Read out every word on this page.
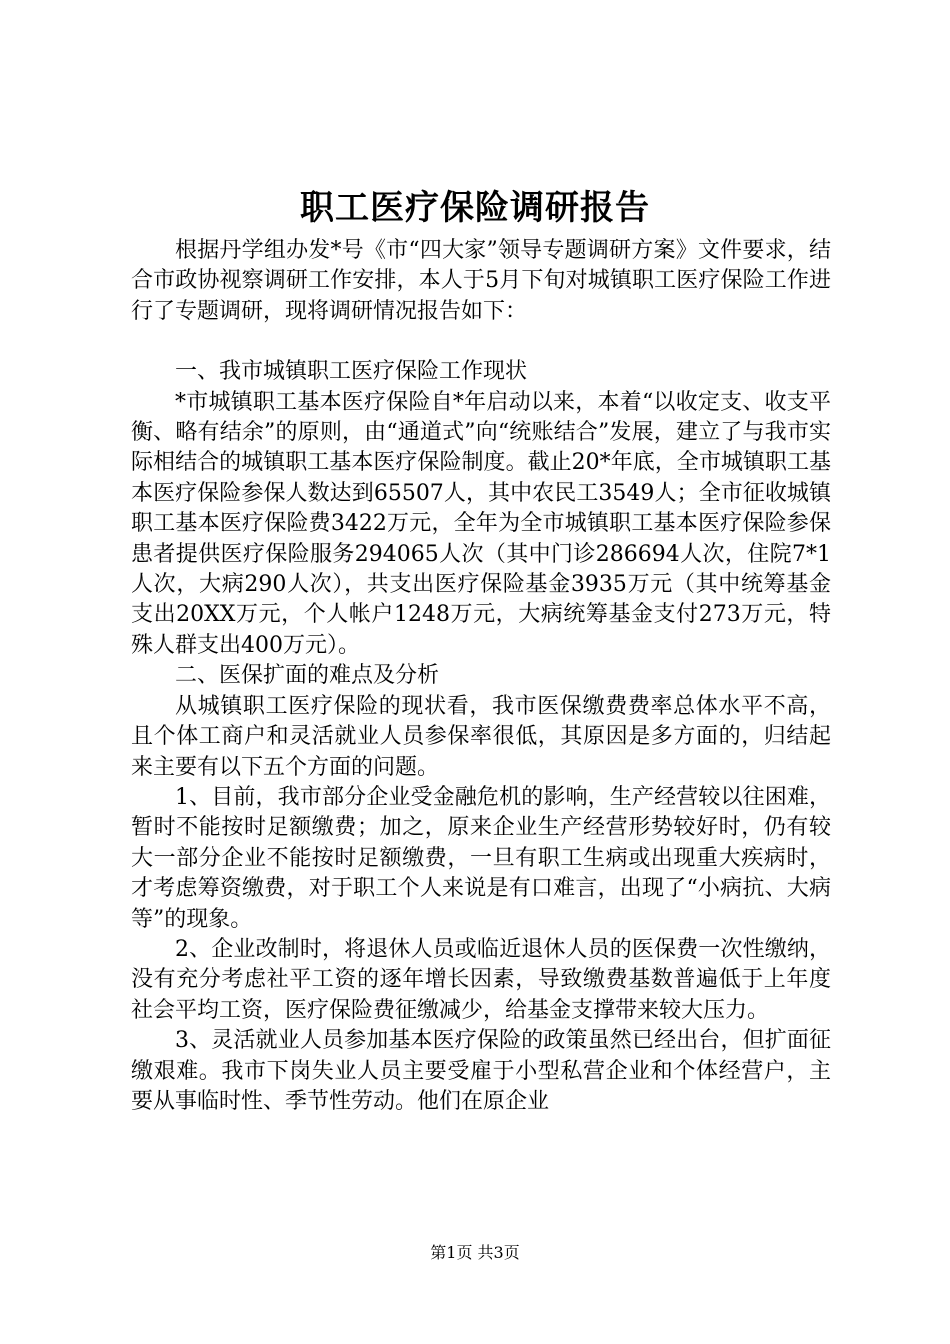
职工医疗保险调研报告

根据丹学组办发*号《市“四大家”领导专题调研方案》文件要求，结合市政协视察调研工作安排，本人于5月下旬对城镇职工医疗保险工作进行了专题调研，现将调研情况报告如下：

一、我市城镇职工医疗保险工作现状

*市城镇职工基本医疗保险自*年启动以来，本着“以收定支、收支平衡、略有结余”的原则，由“通道式”向“统账结合”发展，建立了与我市实际相结合的城镇职工基本医疗保险制度。截止20*年底，全市城镇职工基本医疗保险参保人数达到65507人，其中农民工3549人；全市征收城镇职工基本医疗保险费3422万元，全年为全市城镇职工基本医疗保险参保患者提供医疗保险服务294065人次（其中门诊286694人次，住院7*1人次，大病290人次），共支出医疗保险基金3935万元（其中统筹基金支出20XX万元，个人帐户1248万元，大病统筹基金支付273万元，特殊人群支出400万元）。

二、医保扩面的难点及分析

从城镇职工医疗保险的现状看，我市医保缴费费率总体水平不高，且个体工商户和灵活就业人员参保率很低，其原因是多方面的，归结起来主要有以下五个方面的问题。

1、目前，我市部分企业受金融危机的影响，生产经营较以往困难，暂时不能按时足额缴费；加之，原来企业生产经营形势较好时，仍有较大一部分企业不能按时足额缴费，一旦有职工生病或出现重大疾病时，才考虑筹资缴费，对于职工个人来说是有口难言，出现了“小病抗、大病等”的现象。

2、企业改制时，将退休人员或临近退休人员的医保费一次性缴纳，没有充分考虑社平工资的逐年增长因素，导致缴费基数普遍低于上年度社会平均工资，医疗保险费征缴减少，给基金支撑带来较大压力。

3、灵活就业人员参加基本医疗保险的政策虽然已经出台，但扩面征缴艰难。我市下岗失业人员主要受雇于小型私营企业和个体经营户，主要从事临时性、季节性劳动。他们在原企业

第1页 共3页
